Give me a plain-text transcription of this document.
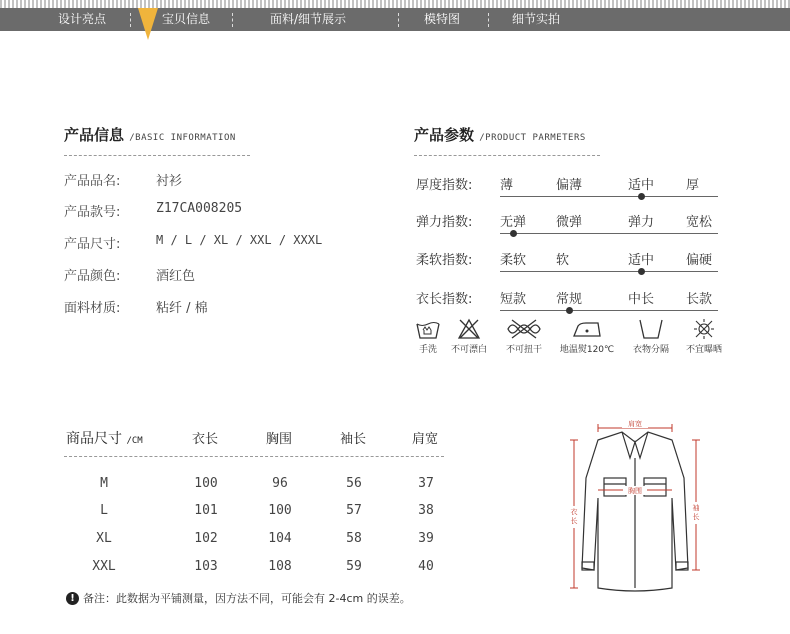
设计亮点	宝贝信息	面料/细节展示	模特图	细节实拍
产品信息 /BASIC INFORMATION
产品品名:	衬衫
产品款号:	Z17CA008205
产品尺寸:	M / L / XL / XXL / XXXL
产品颜色:	酒红色
面料材质:	粘纤 / 棉
产品参数 /PRODUCT PARMETERS
厚度指数: 薄	偏薄	适中 厚
弹力指数: 无弹 微弹	弹力 宽松
柔软指数: 柔软 软	适中 偏硬
衣长指数: 短款 常规	中长 长款
手洗	不可漂白	不可扭干	地温熨120℃	衣物分隔	不宜曝晒
商品尺寸 /CM	衣长	胸围	袖长	肩宽
M	100	96	56	37
L	101	100	57	38
XL	102	104	58	39
XXL	103	108	59	40
! 备注：此数据为平铺测量，因方法不同，可能会有 2-4cm 的误差。
肩宽
胸围
衣长
袖长
